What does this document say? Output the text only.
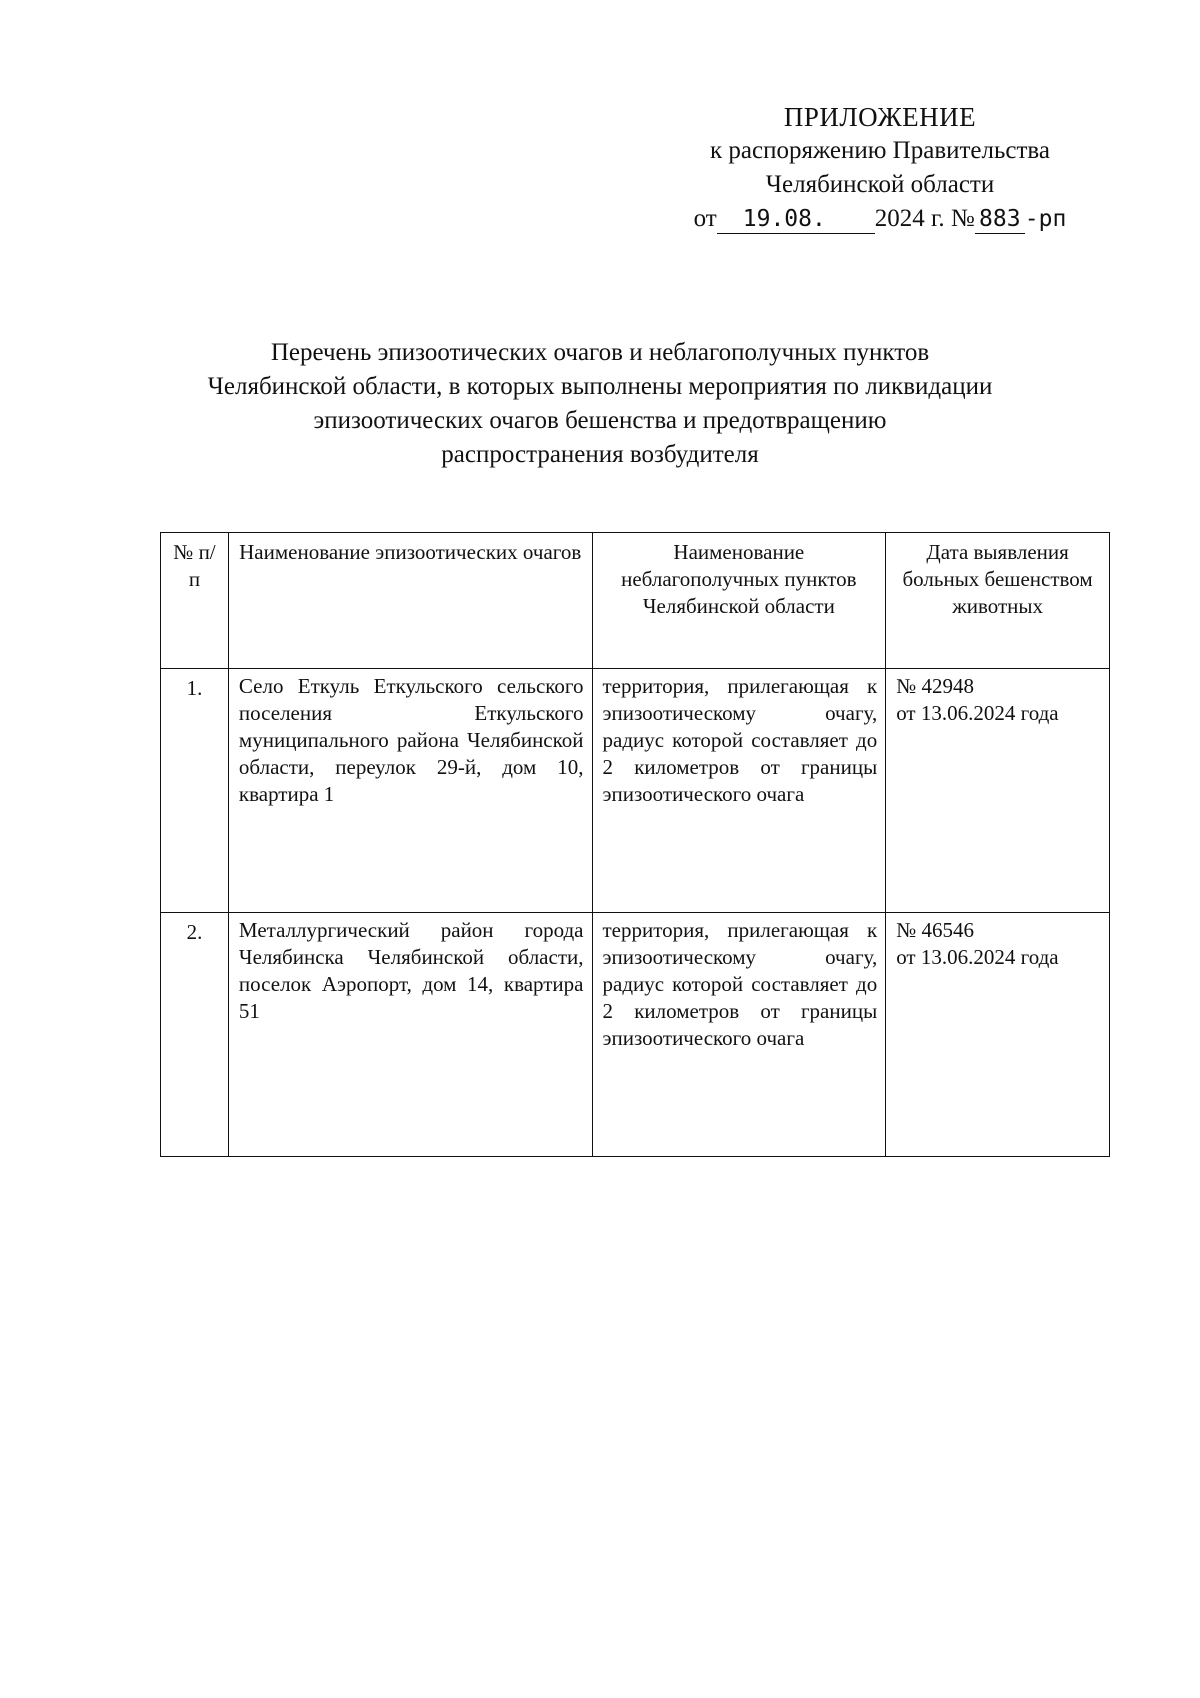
ПРИЛОЖЕНИЕ
к распоряжению Правительства
Челябинской области
от 19.08. 2024 г. № 883 -рп
Перечень эпизоотических очагов и неблагополучных пунктов
Челябинской области, в которых выполнены мероприятия по ликвидации
эпизоотических очагов бешенства и предотвращению
распространения возбудителя
№ п/п	Наименование эпизоотических очагов	Наименование неблагополучных пунктов Челябинской области	Дата выявления больных бешенством животных
1.	Село Еткуль Еткульского сельского поселения Еткульского муниципального района Челябинской области, переулок 29-й, дом 10, квартира 1	территория, прилегающая к эпизоотическому очагу, радиус которой составляет до 2 километров от границы эпизоотического очага	№ 42948
от 13.06.2024 года

2.	Металлургический район города Челябинска Челябинской области, поселок Аэропорт, дом 14, квартира 51	территория, прилегающая к эпизоотическому очагу, радиус которой составляет до 2 километров от границы эпизоотического очага	№ 46546
от 13.06.2024 года
